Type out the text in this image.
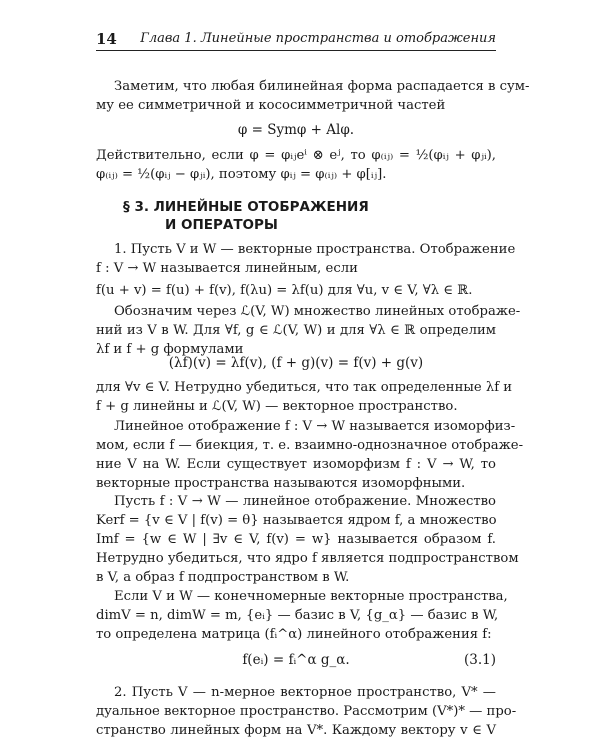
14 Глава 1. Линейные пространства и отображения
Заметим, что любая билинейная форма распадается в сум-
му ее симметричной и кососимметричной частей
φ = Symφ + Alφ.
Действительно, если φ = φᵢⱼeⁱ ⊗ eʲ, то φ₍ᵢⱼ₎ = ½(φᵢⱼ + φⱼᵢ),
φ₍ᵢⱼ₎ = ½(φᵢⱼ − φⱼᵢ), поэтому φᵢⱼ = φ₍ᵢⱼ₎ + φ[ᵢⱼ].
§ 3. ЛИНЕЙНЫЕ ОТОБРАЖЕНИЯ
И ОПЕРАТОРЫ
1. Пусть V и W — векторные пространства. Отображение
f : V → W называется линейным, если
f(u + v) = f(u) + f(v), f(λu) = λf(u) для ∀u, v ∈ V, ∀λ ∈ ℝ.
Обозначим через ℒ(V, W) множество линейных отображе-
ний из V в W. Для ∀f, g ∈ ℒ(V, W) и для ∀λ ∈ ℝ определим
λf и f + g формулами
(λf)(v) = λf(v), (f + g)(v) = f(v) + g(v)
для ∀v ∈ V. Нетрудно убедиться, что так определенные λf и
f + g линейны и ℒ(V, W) — векторное пространство.
Линейное отображение f : V → W называется изоморфиз-
мом, если f — биекция, т. е. взаимно-однозначное отображе-
ние V на W. Если существует изоморфизм f : V → W, то
векторные пространства называются изоморфными.
Пусть f : V → W — линейное отображение. Множество
Kerf = {v ∈ V | f(v) = θ} называется ядром f, а множество
Imf = {w ∈ W | ∃v ∈ V, f(v) = w} называется образом f.
Нетрудно убедиться, что ядро f является подпространством
в V, а образ f подпространством в W.
Если V и W — конечномерные векторные пространства,
dimV = n, dimW = m, {eᵢ} — базис в V, {g_α} — базис в W,
то определена матрица (fᵢ^α) линейного отображения f:
f(eᵢ) = fᵢ^α g_α.	(3.1)
2. Пусть V — n-мерное векторное пространство, V* —
дуальное векторное пространство. Рассмотрим (V*)* — про-
странство линейных форм на V*. Каждому вектору v ∈ V
